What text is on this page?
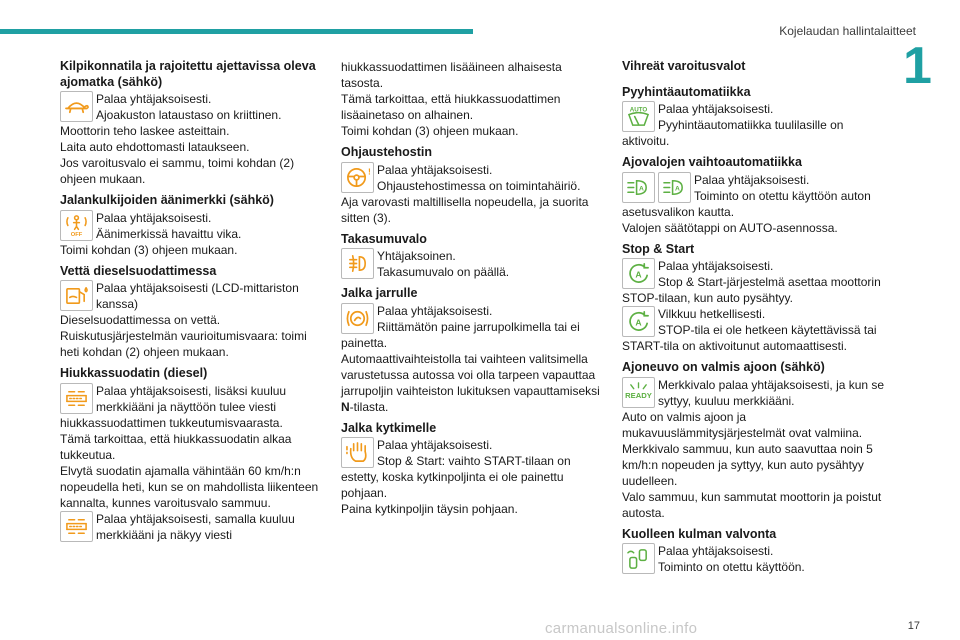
Kojelaudan hallintalaitteet
1
Kilpikonnatila ja rajoitettu ajettavissa oleva ajomatka (sähkö)
Palaa yhtäjaksoisesti.
Ajoakuston lataustaso on kriittinen.
Moottorin teho laskee asteittain.
Laita auto ehdottomasti lataukseen.
Jos varoitusvalo ei sammu, toimi kohdan (2) ohjeen mukaan.
Jalankulkijoiden äänimerkki (sähkö)
OFF
Palaa yhtäjaksoisesti.
Äänimerkissä havaittu vika.
Toimi kohdan (3) ohjeen mukaan.
Vettä dieselsuodattimessa
Palaa yhtäjaksoisesti (LCD-mittariston kanssa)
Dieselsuodattimessa on vettä.
Ruiskutusjärjestelmän vaurioitumisvaara: toimi heti kohdan (2) ohjeen mukaan.
Hiukkassuodatin (diesel)
Palaa yhtäjaksoisesti, lisäksi kuuluu merkkiääni ja näyttöön tulee viesti hiukkassuodattimen tukkeutumisvaarasta.
Tämä tarkoittaa, että hiukkassuodatin alkaa tukkeutua.
Elvytä suodatin ajamalla vähintään 60 km/h:n nopeudella heti, kun se on mahdollista liikenteen kannalta, kunnes varoitusvalo sammuu.
Palaa yhtäjaksoisesti, samalla kuuluu merkkiääni ja näkyy viesti
hiukkassuodattimen lisääineen alhaisesta tasosta.
Tämä tarkoittaa, että hiukkassuodattimen lisäainetaso on alhainen.
Toimi kohdan (3) ohjeen mukaan.
Ohjaustehostin
! Palaa yhtäjaksoisesti.
Ohjaustehostimessa on toimintahäiriö.
Aja varovasti maltillisella nopeudella, ja suorita sitten (3).
Takasumuvalo
Yhtäjaksoinen.
Takasumuvalo on päällä.
Jalka jarrulle
Palaa yhtäjaksoisesti.
Riittämätön paine jarrupolkimella tai ei painetta.
Automaattivaihteistolla tai vaihteen valitsimella varustetussa autossa voi olla tarpeen vapauttaa jarrupoljin vaihteiston lukituksen vapauttamiseksi N-tilasta.
Jalka kytkimelle
Palaa yhtäjaksoisesti.
Stop & Start: vaihto START-tilaan on estetty, koska kytkinpoljinta ei ole painettu pohjaan.
Paina kytkinpoljin täysin pohjaan.
Vihreät varoitusvalot
Pyyhintäautomatiikka
AUTO Palaa yhtäjaksoisesti.
Pyyhintäautomatiikka tuulilasille on aktivoitu.
Ajovalojen vaihtoautomatiikka
A	A
Palaa yhtäjaksoisesti.
Toiminto on otettu käyttöön auton asetusvalikon kautta.
Valojen säätötappi on AUTO-asennossa.
Stop & Start
A
Palaa yhtäjaksoisesti.
Stop & Start-järjestelmä asettaa moottorin STOP-tilaan, kun auto pysähtyy.
A
Vilkkuu hetkellisesti.
STOP-tila ei ole hetkeen käytettävissä tai START-tila on aktivoitunut automaattisesti.
Ajoneuvo on valmis ajoon (sähkö)
READY
Merkkivalo palaa yhtäjaksoisesti, ja kun se syttyy, kuuluu merkkiääni.
Auto on valmis ajoon ja mukavuuslämmitysjärjestelmät ovat valmiina.
Merkkivalo sammuu, kun auto saavuttaa noin 5 km/h:n nopeuden ja syttyy, kun auto pysähtyy uudelleen.
Valo sammuu, kun sammutat moottorin ja poistut autosta.
Kuolleen kulman valvonta
Palaa yhtäjaksoisesti.
Toiminto on otettu käyttöön.
carmanualsonline.info	17
